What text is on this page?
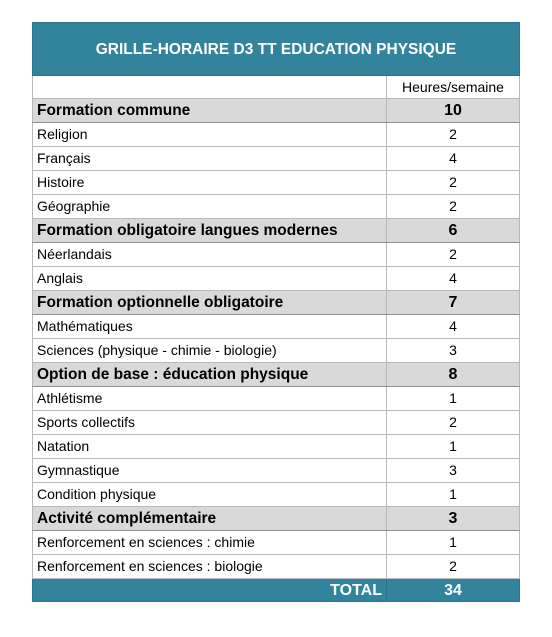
GRILLE-HORAIRE D3 TT EDUCATION PHYSIQUE	
	Heures/semaine
Formation commune	10
Religion	2
Français	4
Histoire	2
Géographie	2
Formation obligatoire langues modernes	6
Néerlandais	2
Anglais	4
Formation optionnelle obligatoire	7
Mathématiques	4
Sciences (physique - chimie - biologie)	3
Option de base : éducation physique	8
Athlétisme	1
Sports collectifs	2
Natation	1
Gymnastique	3
Condition physique	1
Activité complémentaire	3
Renforcement en sciences : chimie	1
Renforcement en sciences : biologie	2
TOTAL	34
